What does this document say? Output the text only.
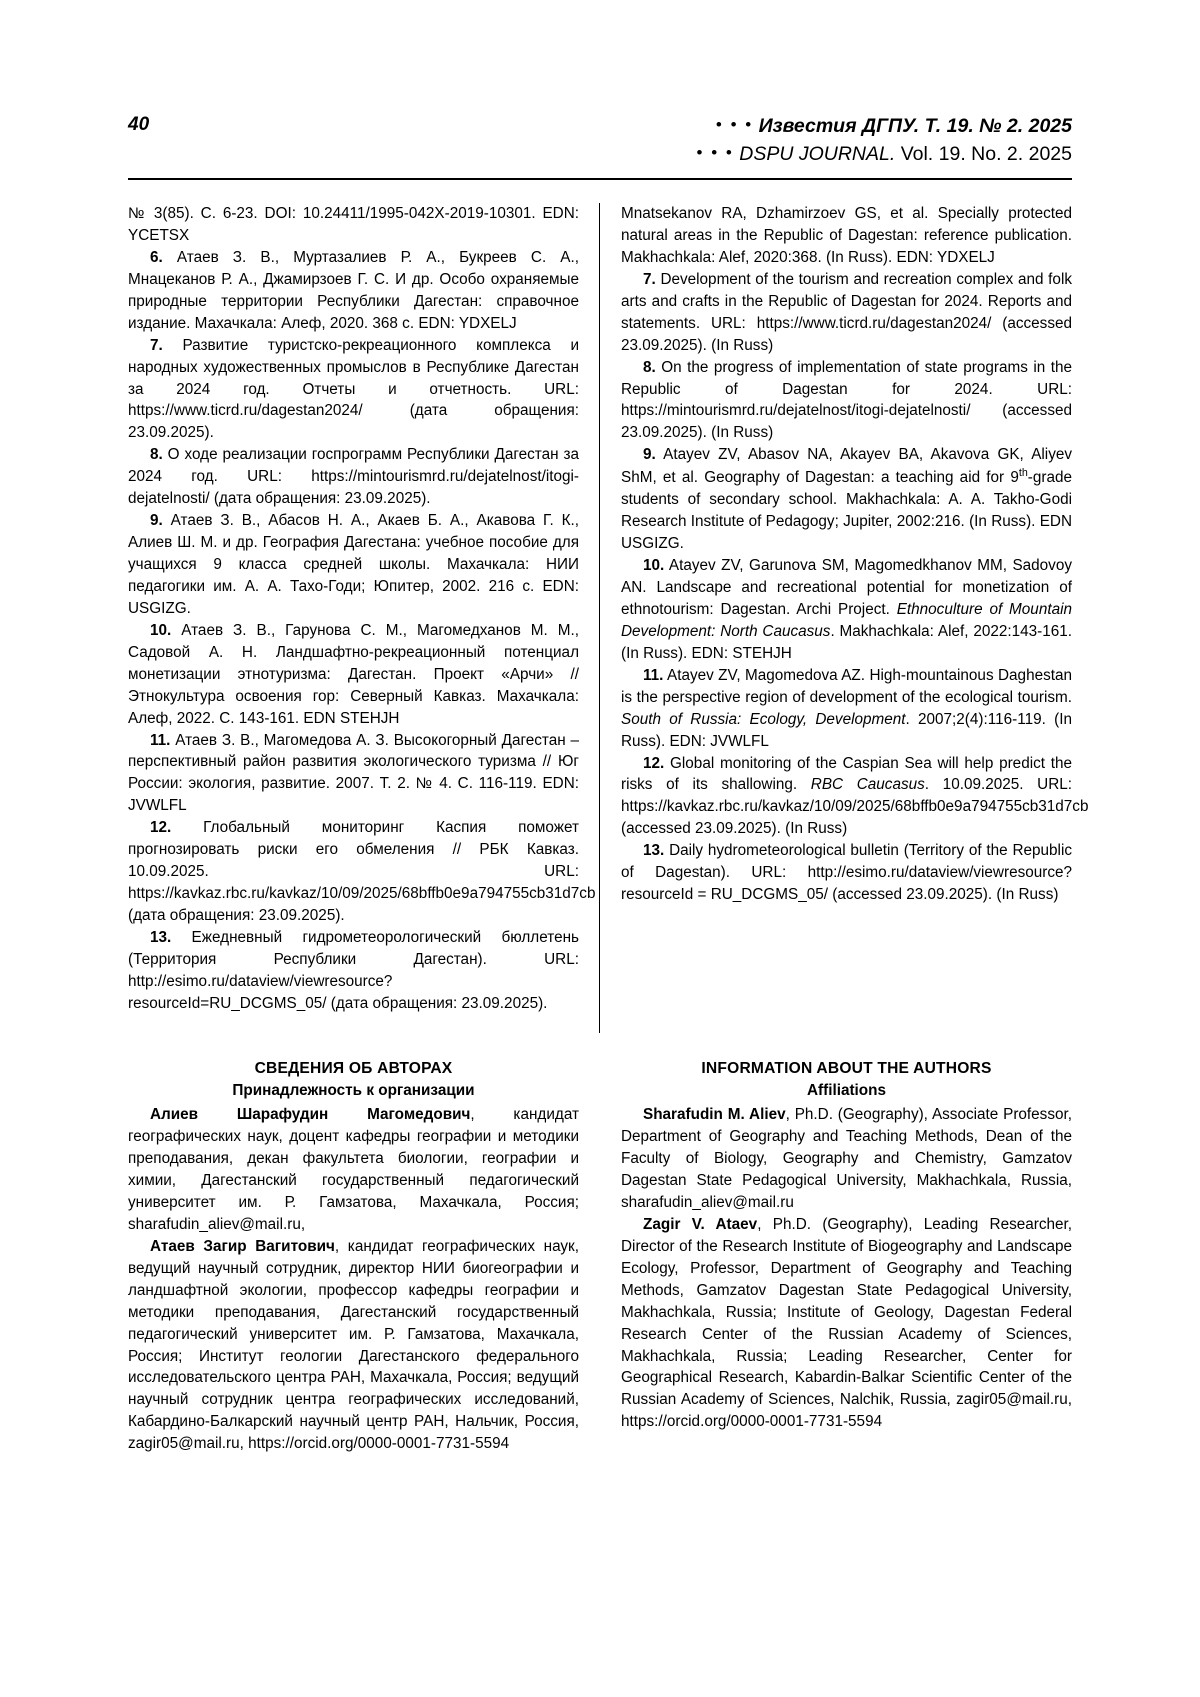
40	• • • Известия ДГПУ. Т. 19. № 2. 2025
• • • DSPU JOURNAL. Vol. 19. No. 2. 2025

№ 3(85). С. 6-23. DOI: 10.24411/1995-042X-2019-10301. EDN: YCETSX

6. Атаев З. В., Муртазалиев Р. А., Букреев С. А., Мнацеканов Р. А., Джамирзоев Г. С. И др. Особо охраняемые природные территории Республики Дагестан: справочное издание. Махачкала: Алеф, 2020. 368 с. EDN: YDXELJ

7. Развитие туристско-рекреационного комплекса и народных художественных промыслов в Республике Дагестан за 2024 год. Отчеты и отчетность. URL: https://www.ticrd.ru/dagestan2024/ (дата обращения: 23.09.2025).

8. О ходе реализации госпрограмм Республики Дагестан за 2024 год. URL: https://mintourismrd.ru/dejatelnost/itogi-dejatelnosti/ (дата обращения: 23.09.2025).

9. Атаев З. В., Абасов Н. А., Акаев Б. А., Акавова Г. К., Алиев Ш. М. и др. География Дагестана: учебное пособие для учащихся 9 класса средней школы. Махачкала: НИИ педагогики им. А. А. Тахо-Годи; Юпитер, 2002. 216 с. EDN: USGIZG.

10. Атаев З. В., Гарунова С. М., Магомедханов М. М., Садовой А. Н. Ландшафтно-рекреационный потенциал монетизации этнотуризма: Дагестан. Проект «Арчи» // Этнокультура освоения гор: Северный Кавказ. Махачкала: Алеф, 2022. С. 143-161. EDN STEHJH

11. Атаев З. В., Магомедова А. З. Высокогорный Дагестан – перспективный район развития экологического туризма // Юг России: экология, развитие. 2007. Т. 2. № 4. С. 116-119. EDN: JVWLFL

12. Глобальный мониторинг Каспия поможет прогнозировать риски его обмеления // РБК Кавказ. 10.09.2025. URL: https://kavkaz.rbc.ru/kavkaz/10/09/2025/68bffb0e9a794755cb31d7cb (дата обращения: 23.09.2025).

13. Ежедневный гидрометеорологический бюллетень (Территория Республики Дагестан). URL: http://esimo.ru/dataview/viewresource?resourceId=RU_DCGMS_05/ (дата обращения: 23.09.2025).

Mnatsekanov RA, Dzhamirzoev GS, et al. Specially protected natural areas in the Republic of Dagestan: reference publication. Makhachkala: Alef, 2020:368. (In Russ). EDN: YDXELJ

7. Development of the tourism and recreation complex and folk arts and crafts in the Republic of Dagestan for 2024. Reports and statements. URL: https://www.ticrd.ru/dagestan2024/ (accessed 23.09.2025). (In Russ)

8. On the progress of implementation of state programs in the Republic of Dagestan for 2024. URL: https://mintourismrd.ru/dejatelnost/itogi-dejatelnosti/ (accessed 23.09.2025). (In Russ)

9. Atayev ZV, Abasov NA, Akayev BA, Akavova GK, Aliyev ShM, et al. Geography of Dagestan: a teaching aid for 9th-grade students of secondary school. Makhachkala: A. A. Takho-Godi Research Institute of Pedagogy; Jupiter, 2002:216. (In Russ). EDN USGIZG.

10. Atayev ZV, Garunova SM, Magomedkhanov MM, Sadovoy AN. Landscape and recreational potential for monetization of ethnotourism: Dagestan. Archi Project. Ethnoculture of Mountain Development: North Caucasus. Makhachkala: Alef, 2022:143-161. (In Russ). EDN: STEHJH

11. Atayev ZV, Magomedova AZ. High-mountainous Daghestan is the perspective region of development of the ecological tourism. South of Russia: Ecology, Development. 2007;2(4):116-119. (In Russ). EDN: JVWLFL

12. Global monitoring of the Caspian Sea will help predict the risks of its shallowing. RBC Caucasus. 10.09.2025. URL: https://kavkaz.rbc.ru/kavkaz/10/09/2025/68bffb0e9a794755cb31d7cb (accessed 23.09.2025). (In Russ)

13. Daily hydrometeorological bulletin (Territory of the Republic of Dagestan). URL: http://esimo.ru/dataview/viewresource?resourceId = RU_DCGMS_05/ (accessed 23.09.2025). (In Russ)

СВЕДЕНИЯ ОБ АВТОРАХ
Принадлежность к организации

Алиев Шарафудин Магомедович, кандидат географических наук, доцент кафедры географии и методики преподавания, декан факультета биологии, географии и химии, Дагестанский государственный педагогический университет им. Р. Гамзатова, Махачкала, Россия; sharafudin_aliev@mail.ru,

Атаев Загир Вагитович, кандидат географических наук, ведущий научный сотрудник, директор НИИ биогеографии и ландшафтной экологии, профессор кафедры географии и методики преподавания, Дагестанский государственный педагогический университет им. Р. Гамзатова, Махачкала, Россия; Институт геологии Дагестанского федерального исследовательского центра РАН, Махачкала, Россия; ведущий научный сотрудник центра географических исследований, Кабардино-Балкарский научный центр РАН, Нальчик, Россия, zagir05@mail.ru, https://orcid.org/0000-0001-7731-5594

INFORMATION ABOUT THE AUTHORS
Affiliations

Sharafudin M. Aliev, Ph.D. (Geography), Associate Professor, Department of Geography and Teaching Methods, Dean of the Faculty of Biology, Geography and Chemistry, Gamzatov Dagestan State Pedagogical University, Makhachkala, Russia, sharafudin_aliev@mail.ru

Zagir V. Ataev, Ph.D. (Geography), Leading Researcher, Director of the Research Institute of Biogeography and Landscape Ecology, Professor, Department of Geography and Teaching Methods, Gamzatov Dagestan State Pedagogical University, Makhachkala, Russia; Institute of Geology, Dagestan Federal Research Center of the Russian Academy of Sciences, Makhachkala, Russia; Leading Researcher, Center for Geographical Research, Kabardin-Balkar Scientific Center of the Russian Academy of Sciences, Nalchik, Russia, zagir05@mail.ru, https://orcid.org/0000-0001-7731-5594
